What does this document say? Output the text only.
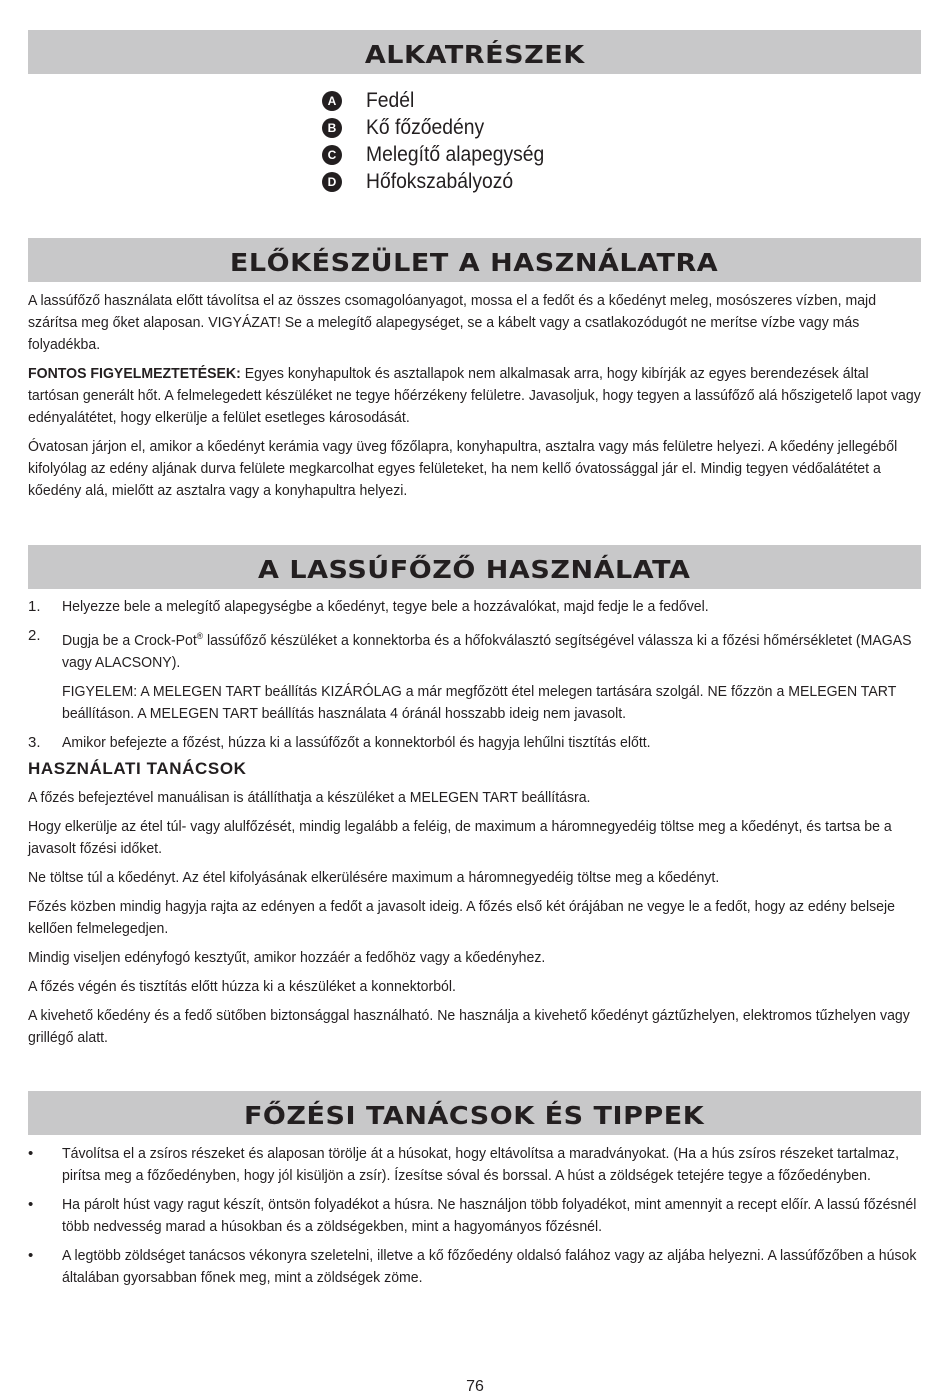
ALKATRÉSZEK
A Fedél
B Kő főzőedény
C Melegítő alapegység
D Hőfokszabályozó
ELŐKÉSZÜLET A HASZNÁLATRA

A lassúfőző használata előtt távolítsa el az összes csomagolóanyagot, mossa el a fedőt és a kőedényt meleg, mosószeres vízben, majd szárítsa meg őket alaposan. VIGYÁZAT! Se a melegítő alapegységet, se a kábelt vagy a csatlakozódugót ne merítse vízbe vagy más folyadékba.

FONTOS FIGYELMEZTETÉSEK: Egyes konyhapultok és asztallapok nem alkalmasak arra, hogy kibírják az egyes berendezések által tartósan generált hőt. A felmelegedett készüléket ne tegye hőérzékeny felületre. Javasoljuk, hogy tegyen a lassúfőző alá hőszigetelő lapot vagy edényalátétet, hogy elkerülje a felület esetleges károsodását.

Óvatosan járjon el, amikor a kőedényt kerámia vagy üveg főzőlapra, konyhapultra, asztalra vagy más felületre helyezi. A kőedény jellegéből kifolyólag az edény aljának durva felülete megkarcolhat egyes felületeket, ha nem kellő óvatossággal jár el. Mindig tegyen védőalátétet a kőedény alá, mielőtt az asztalra vagy a konyhapultra helyezi.

A LASSÚFŐZŐ HASZNÁLATA
1.	Helyezze bele a melegítő alapegységbe a kőedényt, tegye bele a hozzávalókat, majd fedje le a fedővel.
2.	Dugja be a Crock-Pot® lassúfőző készüléket a konnektorba és a hőfokválasztó segítségével válassza ki a főzési hőmérsékletet (MAGAS vagy ALACSONY).
FIGYELEM: A MELEGEN TART beállítás KIZÁRÓLAG a már megfőzött étel melegen tartására szolgál. NE főzzön a MELEGEN TART beállításon. A MELEGEN TART beállítás használata 4 óránál hosszabb ideig nem javasolt.
3.	Amikor befejezte a főzést, húzza ki a lassúfőzőt a konnektorból és hagyja lehűlni tisztítás előtt.
HASZNÁLATI TANÁCSOK

A főzés befejeztével manuálisan is átállíthatja a készüléket a MELEGEN TART beállításra.

Hogy elkerülje az étel túl- vagy alulfőzését, mindig legalább a feléig, de maximum a háromnegyedéig töltse meg a kőedényt, és tartsa be a javasolt főzési időket.

Ne töltse túl a kőedényt. Az étel kifolyásának elkerülésére maximum a háromnegyedéig töltse meg a kőedényt.

Főzés közben mindig hagyja rajta az edényen a fedőt a javasolt ideig. A főzés első két órájában ne vegye le a fedőt, hogy az edény belseje kellően felmelegedjen.

Mindig viseljen edényfogó kesztyűt, amikor hozzáér a fedőhöz vagy a kőedényhez.

A főzés végén és tisztítás előtt húzza ki a készüléket a konnektorból.

A kivehető kőedény és a fedő sütőben biztonsággal használható. Ne használja a kivehető kőedényt gáztűzhelyen, elektromos tűzhelyen vagy grillégő alatt.

FŐZÉSI TANÁCSOK ÉS TIPPEK
•	Távolítsa el a zsíros részeket és alaposan törölje át a húsokat, hogy eltávolítsa a maradványokat. (Ha a hús zsíros részeket tartalmaz, pirítsa meg a főzőedényben, hogy jól kisüljön a zsír). Ízesítse sóval és borssal. A húst a zöldségek tetejére tegye a főzőedényben.
•	Ha párolt húst vagy ragut készít, öntsön folyadékot a húsra. Ne használjon több folyadékot, mint amennyit a recept előír. A lassú főzésnél több nedvesség marad a húsokban és a zöldségekben, mint a hagyományos főzésnél.
•	A legtöbb zöldséget tanácsos vékonyra szeletelni, illetve a kő főzőedény oldalsó falához vagy az aljába helyezni. A lassúfőzőben a húsok általában gyorsabban főnek meg, mint a zöldségek zöme.
76
